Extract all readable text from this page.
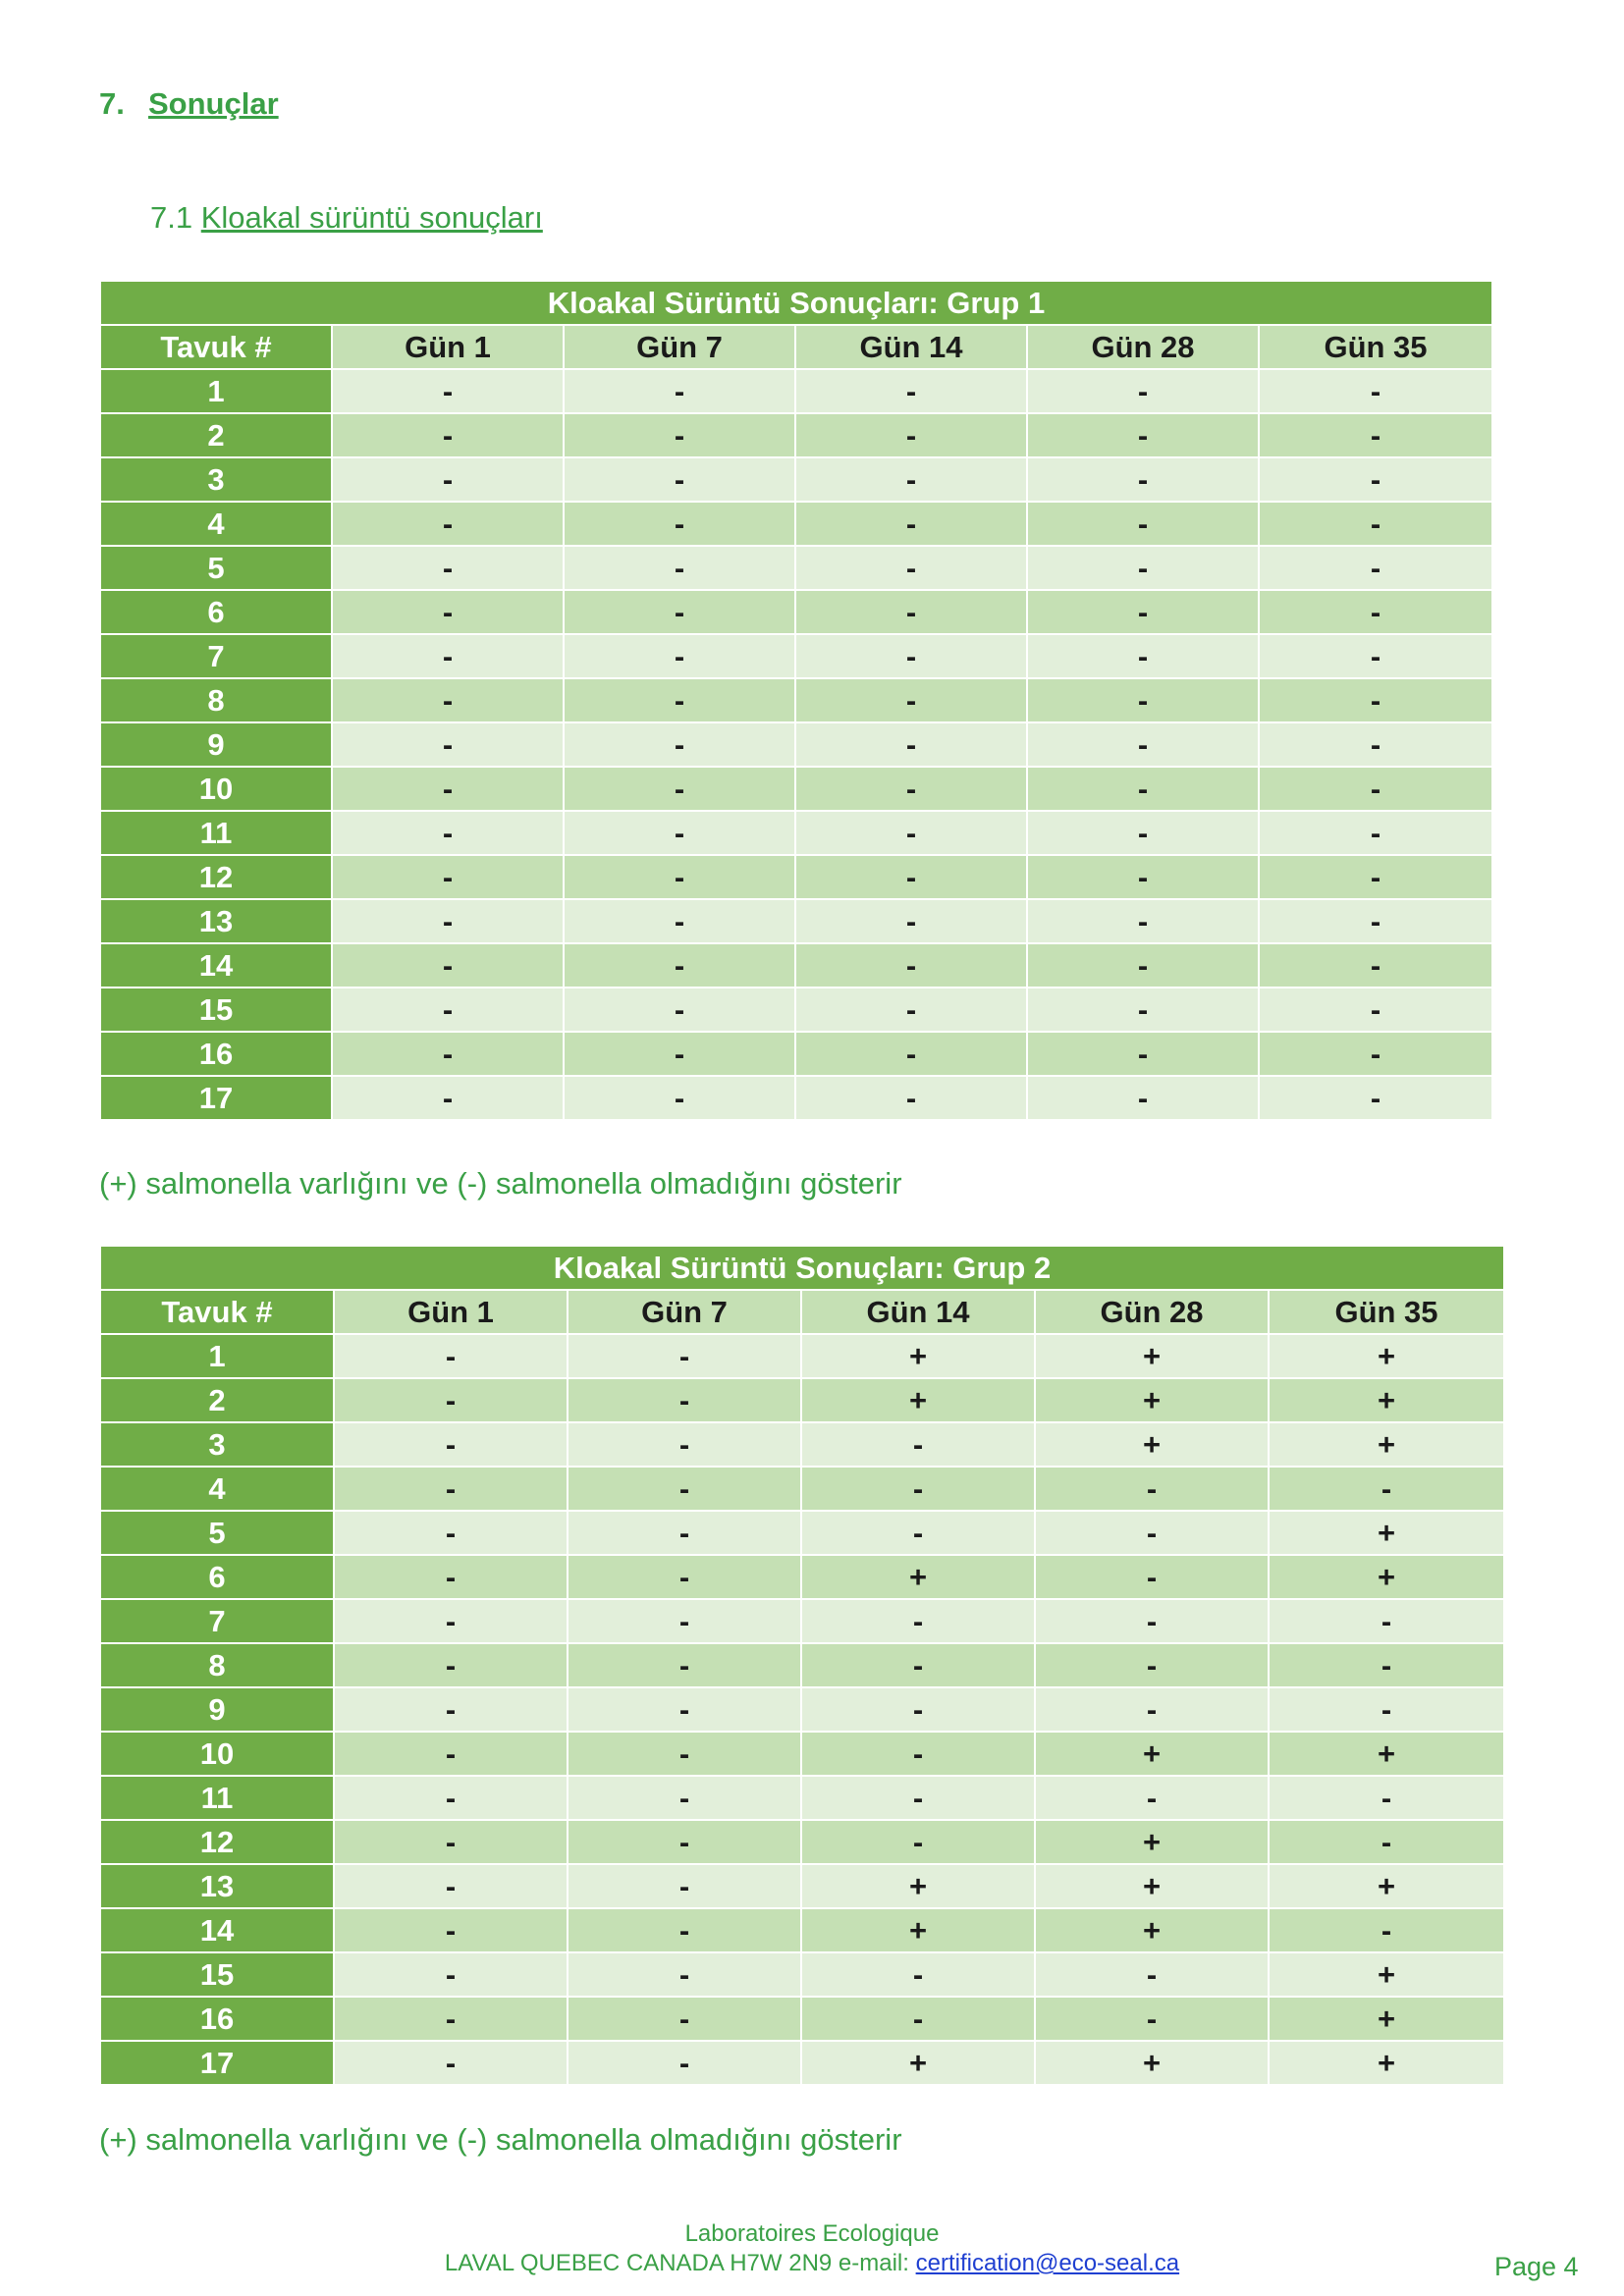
7. Sonuçlar
7.1 Kloakal sürüntü sonuçları
Kloakal Sürüntü Sonuçları: Grup 1					
Tavuk #	Gün 1	Gün 7	Gün 14	Gün 28	Gün 35
1	-	-	-	-	-
2	-	-	-	-	-
3	-	-	-	-	-
4	-	-	-	-	-
5	-	-	-	-	-
6	-	-	-	-	-
7	-	-	-	-	-
8	-	-	-	-	-
9	-	-	-	-	-
10	-	-	-	-	-
11	-	-	-	-	-
12	-	-	-	-	-
13	-	-	-	-	-
14	-	-	-	-	-
15	-	-	-	-	-
16	-	-	-	-	-
17	-	-	-	-	-
(+) salmonella varlığını ve (-) salmonella olmadığını gösterir
Kloakal Sürüntü Sonuçları: Grup 2					
Tavuk #	Gün 1	Gün 7	Gün 14	Gün 28	Gün 35
1	-	-	+	+	+
2	-	-	+	+	+
3	-	-	-	+	+
4	-	-	-	-	-
5	-	-	-	-	+
6	-	-	+	-	+
7	-	-	-	-	-
8	-	-	-	-	-
9	-	-	-	-	-
10	-	-	-	+	+
11	-	-	-	-	-
12	-	-	-	+	-
13	-	-	+	+	+
14	-	-	+	+	-
15	-	-	-	-	+
16	-	-	-	-	+
17	-	-	+	+	+
(+) salmonella varlığını ve (-) salmonella olmadığını gösterir
Laboratoires Ecologique
LAVAL QUEBEC CANADA H7W 2N9 e-mail: certification@eco-seal.ca	Page 4
